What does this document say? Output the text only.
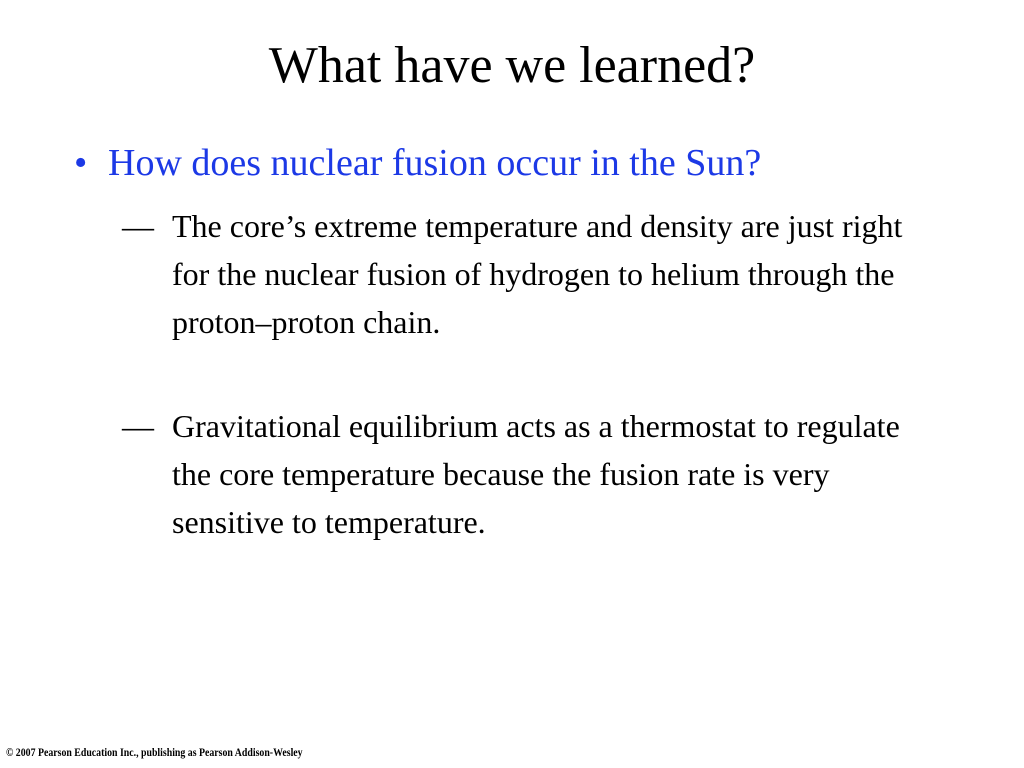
What have we learned?
• How does nuclear fusion occur in the Sun?
— The core’s extreme temperature and density are just right for the nuclear fusion of hydrogen to helium through the proton–proton chain.
— Gravitational equilibrium acts as a thermostat to regulate the core temperature because the fusion rate is very sensitive to temperature.
© 2007 Pearson Education Inc., publishing as Pearson Addison-Wesley
